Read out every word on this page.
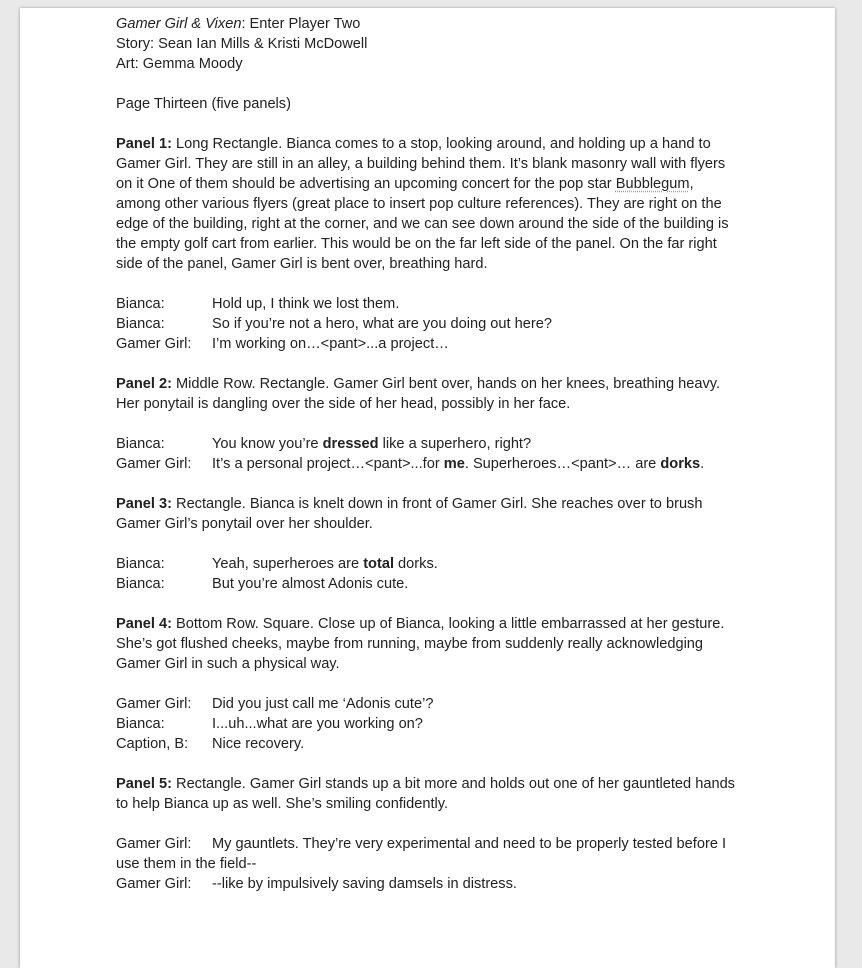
Gamer Girl & Vixen: Enter Player Two
Story: Sean Ian Mills & Kristi McDowell
Art: Gemma Moody
Page Thirteen (five panels)
Panel 1: Long Rectangle. Bianca comes to a stop, looking around, and holding up a hand to Gamer Girl. They are still in an alley, a building behind them. It’s blank masonry wall with flyers on it One of them should be advertising an upcoming concert for the pop star Bubblegum, among other various flyers (great place to insert pop culture references). They are right on the edge of the building, right at the corner, and we can see down around the side of the building is the empty golf cart from earlier. This would be on the far left side of the panel. On the far right side of the panel, Gamer Girl is bent over, breathing hard.
Bianca:	Hold up, I think we lost them.
Bianca:	So if you’re not a hero, what are you doing out here?
Gamer Girl:	I’m working on…<pant>...a project…
Panel 2: Middle Row. Rectangle. Gamer Girl bent over, hands on her knees, breathing heavy. Her ponytail is dangling over the side of her head, possibly in her face.
Bianca:	You know you’re dressed like a superhero, right?
Gamer Girl:	It’s a personal project…<pant>...for me. Superheroes…<pant>… are dorks.
Panel 3: Rectangle. Bianca is knelt down in front of Gamer Girl. She reaches over to brush Gamer Girl’s ponytail over her shoulder.
Bianca:	Yeah, superheroes are total dorks.
Bianca:	But you’re almost Adonis cute.
Panel 4: Bottom Row. Square. Close up of Bianca, looking a little embarrassed at her gesture. She’s got flushed cheeks, maybe from running, maybe from suddenly really acknowledging Gamer Girl in such a physical way.
Gamer Girl:	Did you just call me ‘Adonis cute’?
Bianca:	I...uh...what are you working on?
Caption, B:	Nice recovery.
Panel 5: Rectangle. Gamer Girl stands up a bit more and holds out one of her gauntleted hands to help Bianca up as well. She’s smiling confidently.
Gamer Girl: My gauntlets. They’re very experimental and need to be properly tested before I use them in the field--
Gamer Girl:	--like by impulsively saving damsels in distress.
